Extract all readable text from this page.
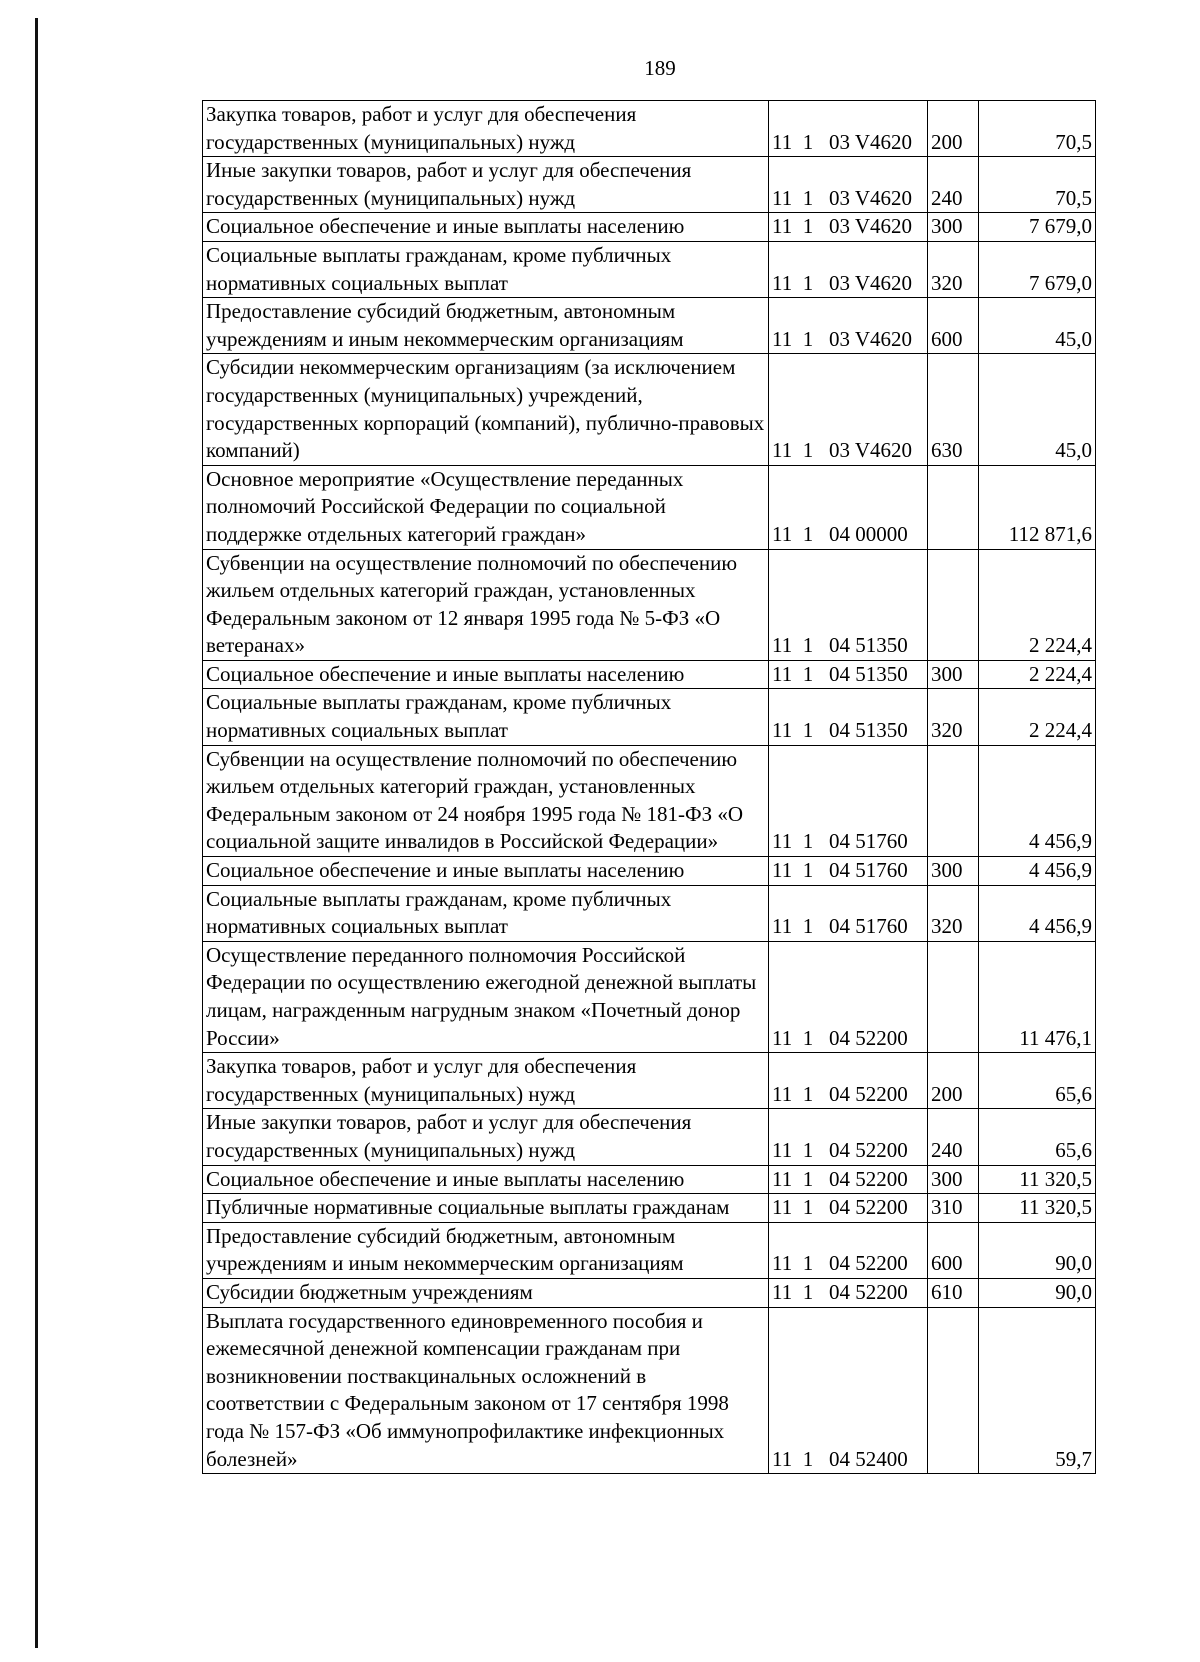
189
Закупка товаров, работ и услуг для обеспечения государственных (муниципальных) нужд	11  1   03 V4620	200	70,5
Иные закупки товаров, работ и услуг для обеспечения государственных (муниципальных) нужд	11  1   03 V4620	240	70,5
Социальное обеспечение и иные выплаты населению	11  1   03 V4620	300	7 679,0
Социальные выплаты гражданам, кроме публичных нормативных социальных выплат	11  1   03 V4620	320	7 679,0
Предоставление субсидий бюджетным, автономным учреждениям и иным некоммерческим организациям	11  1   03 V4620	600	45,0
Субсидии некоммерческим организациям (за исключением государственных (муниципальных) учреждений, государственных корпораций (компаний), публично-правовых компаний)	11  1   03 V4620	630	45,0
Основное мероприятие «Осуществление переданных полномочий Российской Федерации по социальной поддержке отдельных категорий граждан»	11  1   04 00000		112 871,6
Субвенции на осуществление полномочий по обеспечению жильем отдельных категорий граждан, установленных Федеральным законом от 12 января 1995 года № 5-ФЗ «О ветеранах»	11  1   04 51350		2 224,4
Социальное обеспечение и иные выплаты населению	11  1   04 51350	300	2 224,4
Социальные выплаты гражданам, кроме публичных нормативных социальных выплат	11  1   04 51350	320	2 224,4
Субвенции на осуществление полномочий по обеспечению жильем отдельных категорий граждан, установленных Федеральным законом от 24 ноября 1995 года № 181-ФЗ «О социальной защите инвалидов в Российской Федерации»	11  1   04 51760		4 456,9
Социальное обеспечение и иные выплаты населению	11  1   04 51760	300	4 456,9
Социальные выплаты гражданам, кроме публичных нормативных социальных выплат	11  1   04 51760	320	4 456,9
Осуществление переданного полномочия Российской Федерации по осуществлению ежегодной денежной выплаты лицам, награжденным нагрудным знаком «Почетный донор России»	11  1   04 52200		11 476,1
Закупка товаров, работ и услуг для обеспечения государственных (муниципальных) нужд	11  1   04 52200	200	65,6
Иные закупки товаров, работ и услуг для обеспечения государственных (муниципальных) нужд	11  1   04 52200	240	65,6
Социальное обеспечение и иные выплаты населению	11  1   04 52200	300	11 320,5
Публичные нормативные социальные выплаты гражданам	11  1   04 52200	310	11 320,5
Предоставление субсидий бюджетным, автономным учреждениям и иным некоммерческим организациям	11  1   04 52200	600	90,0
Субсидии бюджетным учреждениям	11  1   04 52200	610	90,0
Выплата государственного единовременного пособия и ежемесячной денежной компенсации гражданам при возникновении поствакцинальных осложнений в соответствии с Федеральным законом от 17 сентября 1998 года № 157-ФЗ «Об иммунопрофилактике инфекционных болезней»	11  1   04 52400		59,7
